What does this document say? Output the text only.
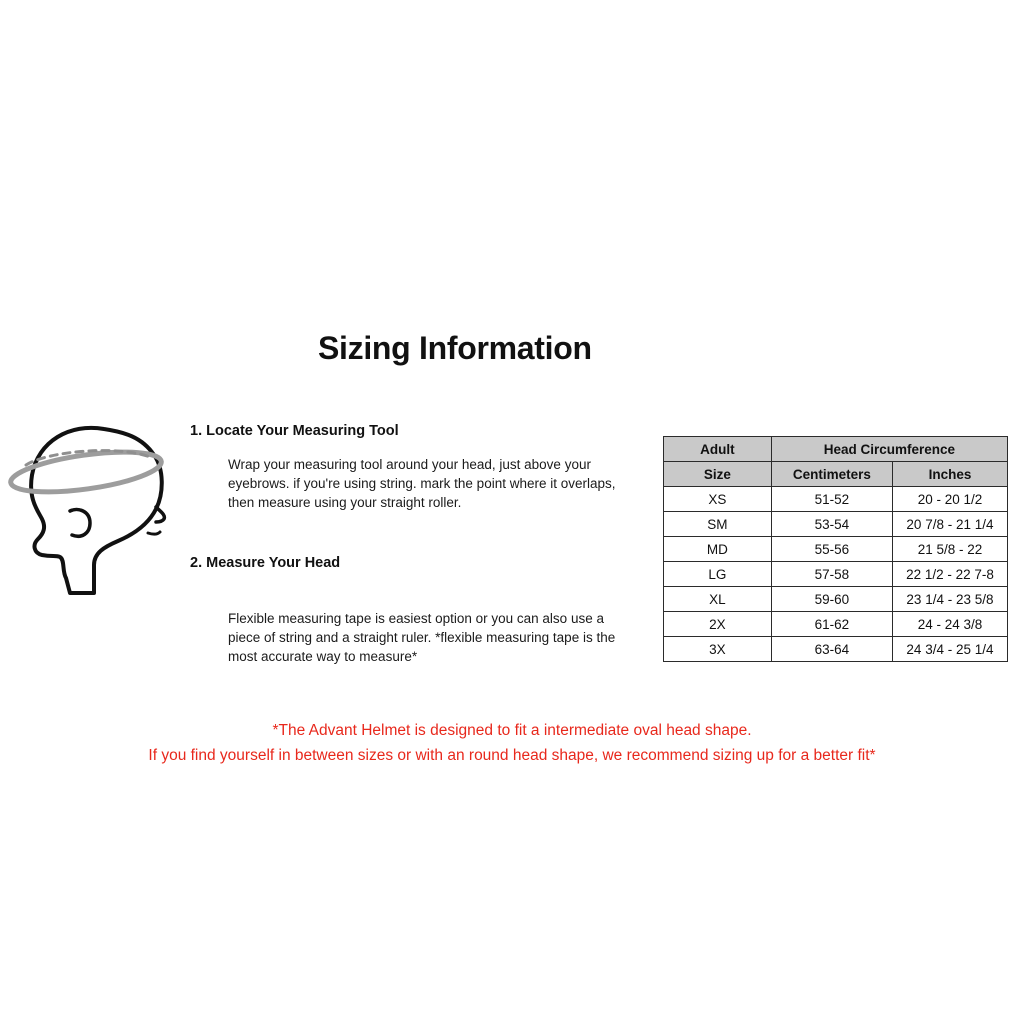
Sizing Information
1. Locate Your Measuring Tool
Wrap your measuring tool around your head, just above your eyebrows. if you're using string. mark the point where it overlaps, then measure using your straight roller.
2. Measure Your Head
Flexible measuring tape is easiest option or you can also use a piece of string and a straight ruler. *flexible measuring tape is the most accurate way to measure*
Adult	Head Circumference	
Size	Centimeters	Inches
XS	51-52	20 - 20 1/2
SM	53-54	20 7/8 - 21 1/4
MD	55-56	21 5/8 - 22
LG	57-58	22 1/2 - 22 7-8
XL	59-60	23 1/4 - 23 5/8
2X	61-62	24 - 24 3/8
3X	63-64	24 3/4 - 25 1/4
*The Advant Helmet is designed to fit a intermediate oval head shape.
If you find yourself in between sizes or with an round head shape, we recommend sizing up for a better fit*
